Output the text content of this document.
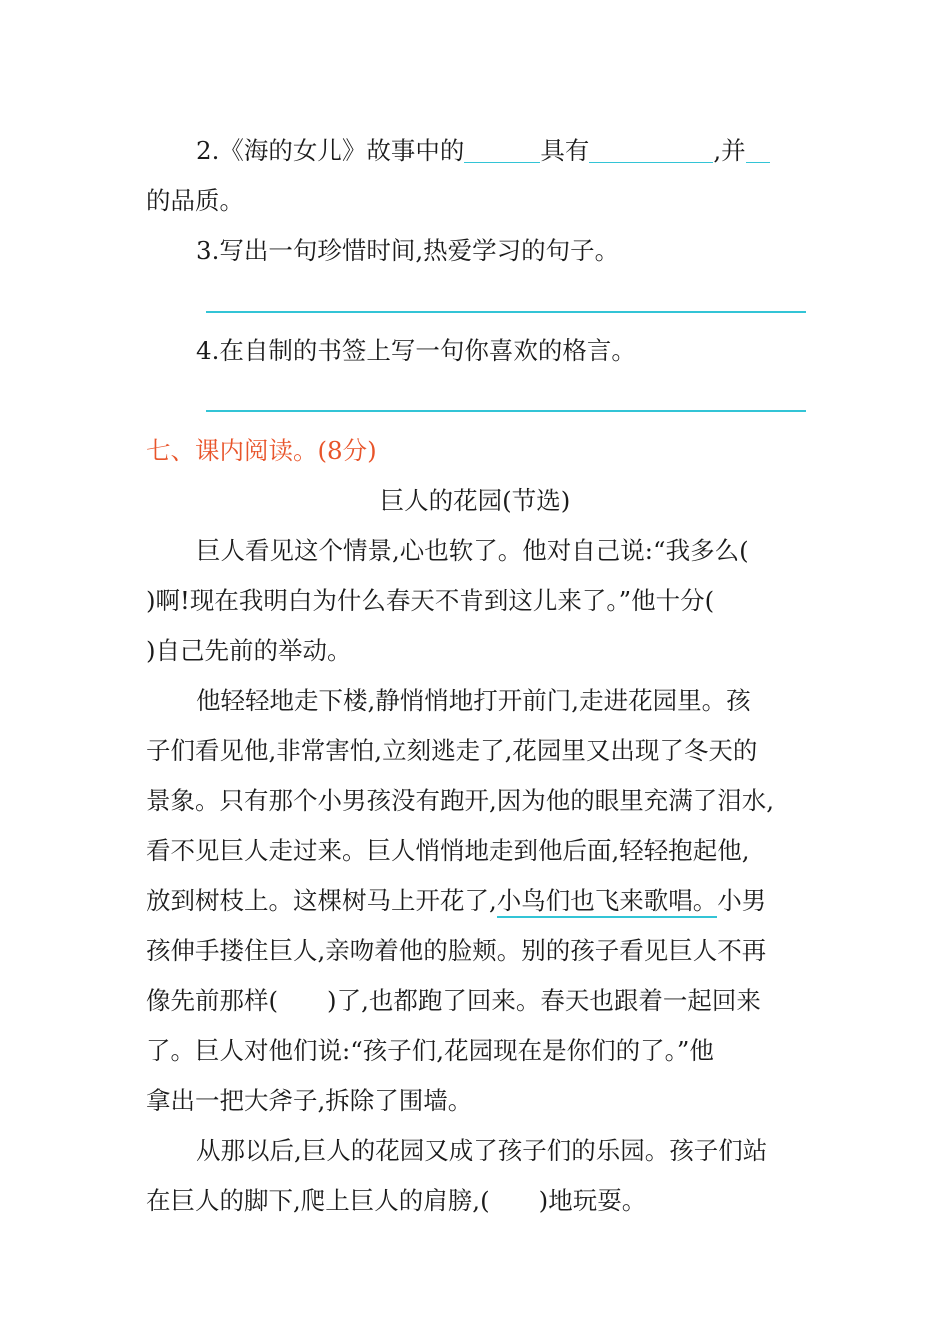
2.《海的女儿》故事中的	具有	,并
的品质。
3.写出一句珍惜时间,热爱学习的句子。
4.在自制的书签上写一句你喜欢的格言。
七、课内阅读。(8分)
巨人的花园(节选)
巨人看见这个情景,心也软了。他对自己说:“我多么(
)啊!现在我明白为什么春天不肯到这儿来了。”他十分(
)自己先前的举动。
他轻轻地走下楼,静悄悄地打开前门,走进花园里。孩
子们看见他,非常害怕,立刻逃走了,花园里又出现了冬天的
景象。只有那个小男孩没有跑开,因为他的眼里充满了泪水,
看不见巨人走过来。巨人悄悄地走到他后面,轻轻抱起他,
放到树枝上。这棵树马上开花了,小鸟们也飞来歌唱。小男
孩伸手搂住巨人,亲吻着他的脸颊。别的孩子看见巨人不再
像先前那样(　　)了,也都跑了回来。春天也跟着一起回来
了。巨人对他们说:“孩子们,花园现在是你们的了。”他
拿出一把大斧子,拆除了围墙。
从那以后,巨人的花园又成了孩子们的乐园。孩子们站
在巨人的脚下,爬上巨人的肩膀,(　　)地玩耍。
